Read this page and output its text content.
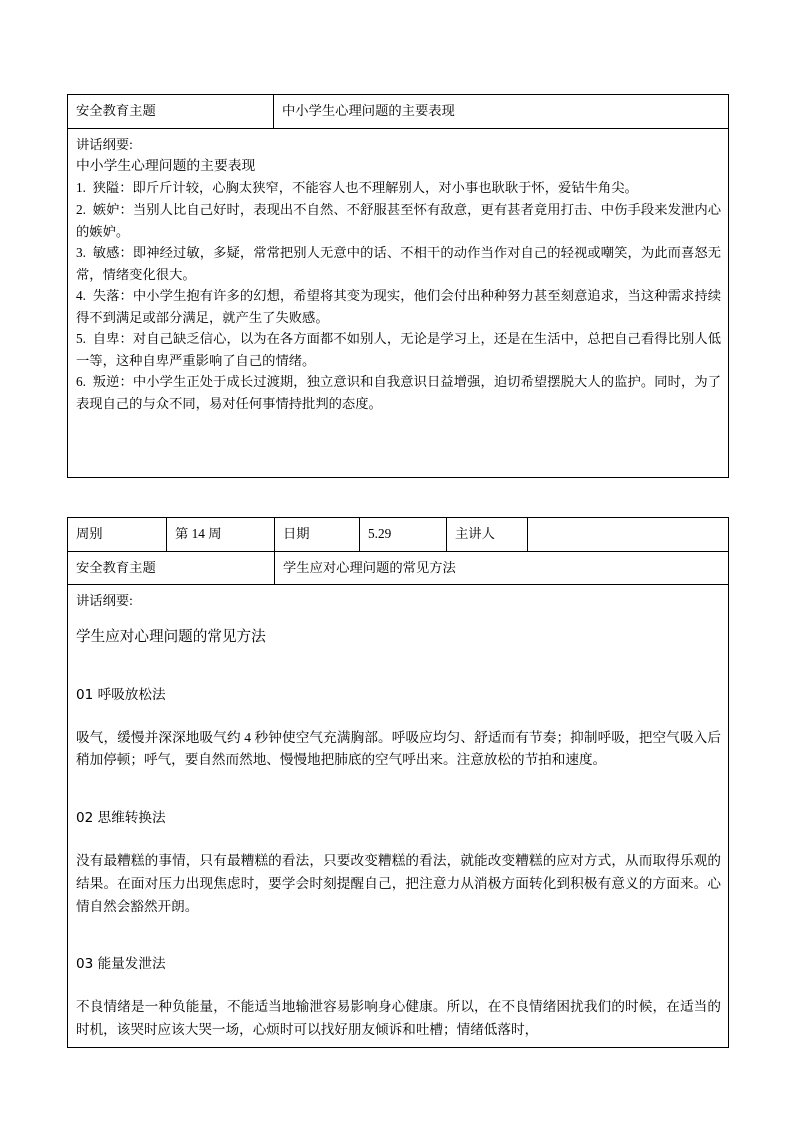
安全教育主题	中小学生心理问题的主要表现

讲话纲要:

中小学生心理问题的主要表现

1. 狭隘：即斤斤计较，心胸太狭窄，不能容人也不理解别人，对小事也耿耿于怀，爱钻牛角尖。
2. 嫉妒：当别人比自己好时，表现出不自然、不舒服甚至怀有敌意，更有甚者竟用打击、中伤手段来发泄内心的嫉妒。
3. 敏感：即神经过敏，多疑，常常把别人无意中的话、不相干的动作当作对自己的轻视或嘲笑，为此而喜怒无常，情绪变化很大。
4. 失落：中小学生抱有许多的幻想，希望将其变为现实，他们会付出种种努力甚至刻意追求，当这种需求持续得不到满足或部分满足，就产生了失败感。
5. 自卑：对自己缺乏信心，以为在各方面都不如别人，无论是学习上，还是在生活中，总把自己看得比别人低一等，这种自卑严重影响了自己的情绪。
6. 叛逆：中小学生正处于成长过渡期，独立意识和自我意识日益增强，迫切希望摆脱大人的监护。同时，为了表现自己的与众不同，易对任何事情持批判的态度。
周别	第 14 周	日期	5.29	主讲人	
安全教育主题		学生应对心理问题的常见方法			

讲话纲要:

学生应对心理问题的常见方法

01 呼吸放松法

吸气，缓慢并深深地吸气约 4 秒钟使空气充满胸部。呼吸应均匀、舒适而有节奏；抑制呼吸，把空气吸入后稍加停顿；呼气，要自然而然地、慢慢地把肺底的空气呼出来。注意放松的节拍和速度。

02 思维转换法

没有最糟糕的事情，只有最糟糕的看法，只要改变糟糕的看法，就能改变糟糕的应对方式，从而取得乐观的结果。在面对压力出现焦虑时，要学会时刻提醒自己，把注意力从消极方面转化到积极有意义的方面来。心情自然会豁然开朗。

03 能量发泄法

不良情绪是一种负能量，不能适当地输泄容易影响身心健康。所以，在不良情绪困扰我们的时候，在适当的时机，该哭时应该大哭一场，心烦时可以找好朋友倾诉和吐槽；情绪低落时，
